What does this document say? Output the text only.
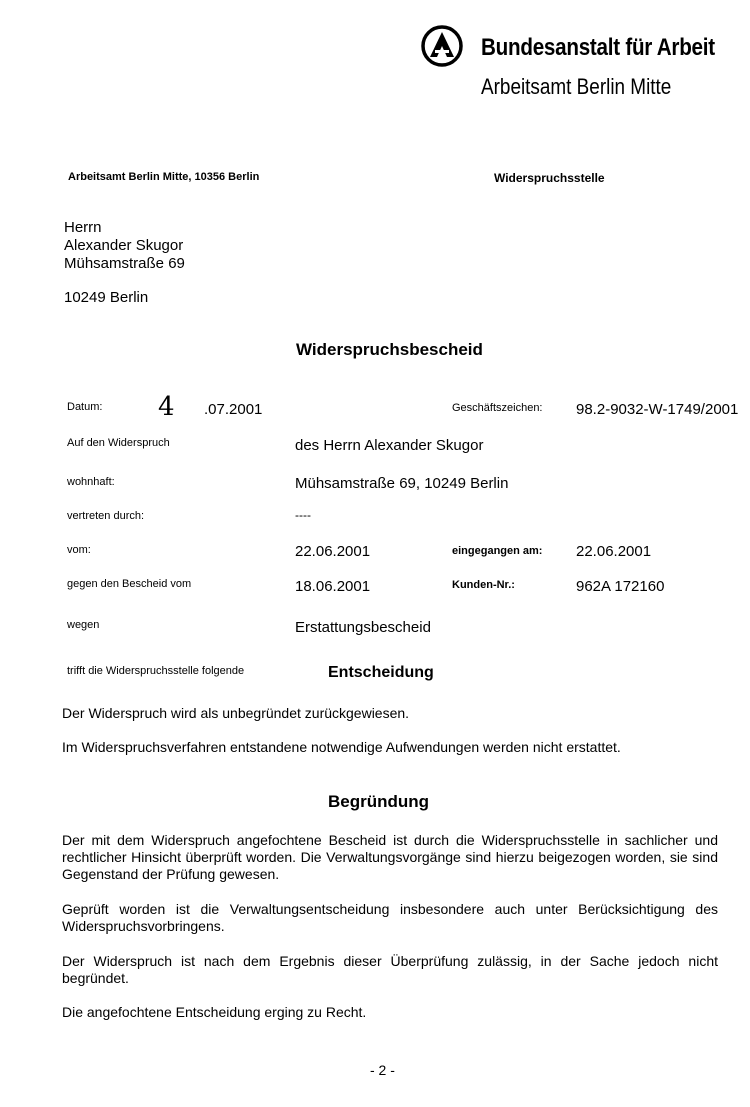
Bundesanstalt für Arbeit
Arbeitsamt Berlin Mitte
Arbeitsamt Berlin Mitte, 10356 Berlin	Widerspruchsstelle
Herrn
Alexander Skugor
Mühsamstraße 69
10249 Berlin
Widerspruchsbescheid
Datum: 4 .07.2001	Geschäftszeichen: 98.2-9032-W-1749/2001
Auf den Widerspruch	des Herrn Alexander Skugor
wohnhaft:	Mühsamstraße 69, 10249 Berlin
vertreten durch:	----
vom:	22.06.2001	eingegangen am: 22.06.2001
gegen den Bescheid vom	18.06.2001	Kunden-Nr.:	962A 172160
wegen	Erstattungsbescheid
trifft die Widerspruchsstelle folgende	Entscheidung
Der Widerspruch wird als unbegründet zurückgewiesen.
Im Widerspruchsverfahren entstandene notwendige Aufwendungen werden nicht erstattet.
Begründung
Der mit dem Widerspruch angefochtene Bescheid ist durch die Widerspruchsstelle in sachlicher und rechtlicher Hinsicht überprüft worden. Die Verwaltungsvorgänge sind hierzu beigezogen worden, sie sind Gegenstand der Prüfung gewesen.
Geprüft worden ist die Verwaltungsentscheidung insbesondere auch unter Berücksichtigung des Widerspruchsvorbringens.
Der Widerspruch ist nach dem Ergebnis dieser Überprüfung zulässig, in der Sache jedoch nicht begründet.
Die angefochtene Entscheidung erging zu Recht.
- 2 -
